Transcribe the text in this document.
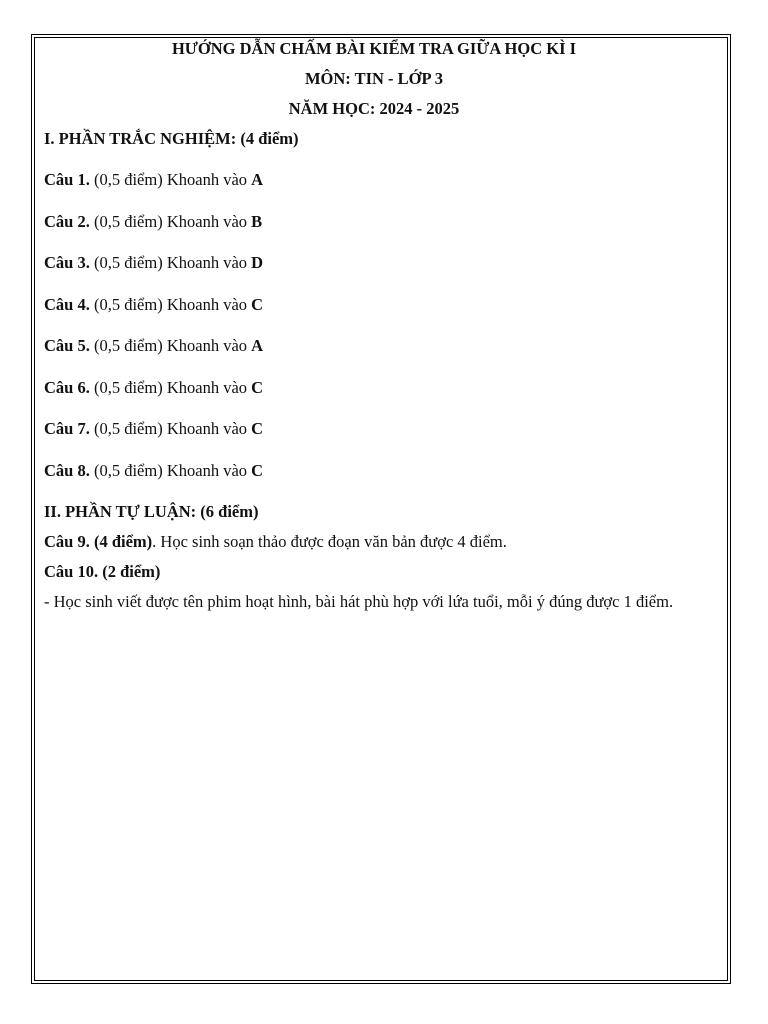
HƯỚNG DẪN CHẤM BÀI KIỂM TRA GIỮA HỌC KÌ I

MÔN: TIN - LỚP 3

NĂM HỌC: 2024 - 2025

I. PHẦN TRẮC NGHIỆM: (4 điểm)

Câu 1. (0,5 điểm) Khoanh vào A

Câu 2. (0,5 điểm) Khoanh vào B

Câu 3. (0,5 điểm) Khoanh vào D

Câu 4. (0,5 điểm) Khoanh vào C

Câu 5. (0,5 điểm) Khoanh vào A

Câu 6. (0,5 điểm) Khoanh vào C

Câu 7. (0,5 điểm) Khoanh vào C

Câu 8. (0,5 điểm) Khoanh vào C

II. PHẦN TỰ LUẬN: (6 điểm)

Câu 9. (4 điểm). Học sinh soạn thảo được đoạn văn bản được 4 điểm.

Câu 10. (2 điểm)

- Học sinh viết được tên phim hoạt hình, bài hát phù hợp với lứa tuổi, mỗi ý đúng được 1 điểm.
